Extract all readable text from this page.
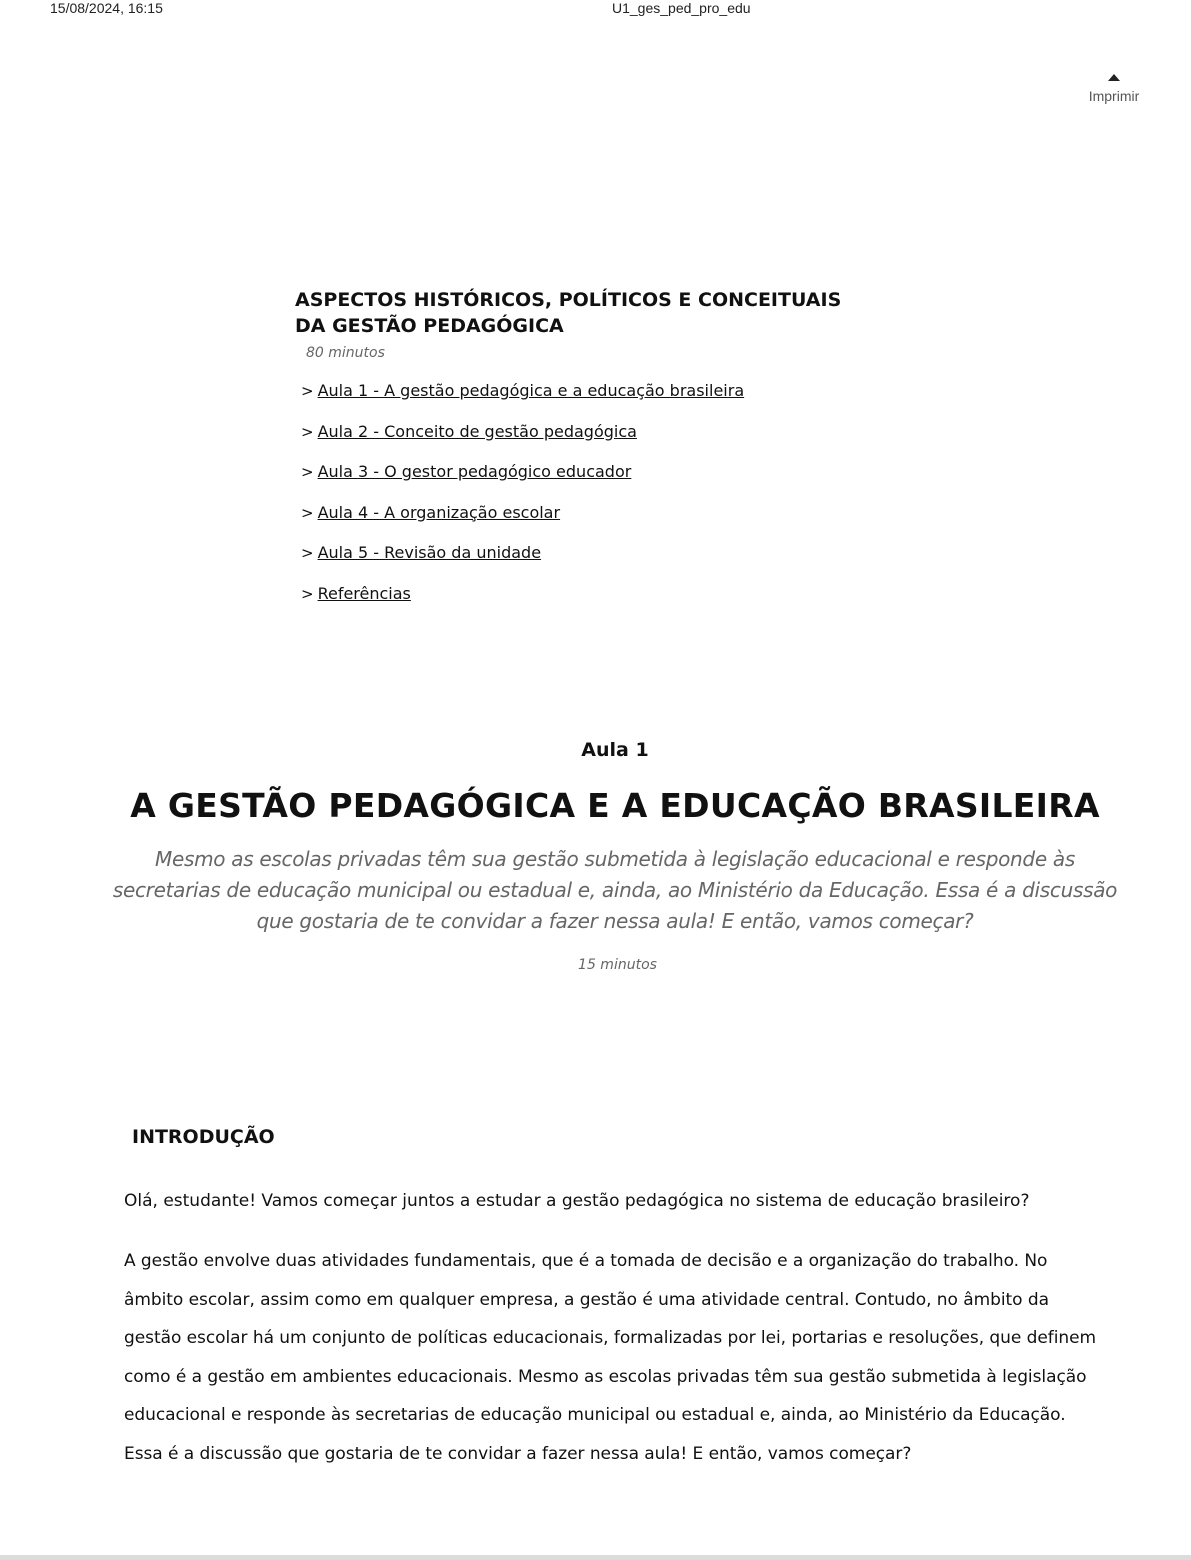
15/08/2024, 16:15	U1_ges_ped_pro_edu
Imprimir
ASPECTOS HISTÓRICOS, POLÍTICOS E CONCEITUAIS DA GESTÃO PEDAGÓGICA
80 minutos
> Aula 1 - A gestão pedagógica e a educação brasileira
> Aula 2 - Conceito de gestão pedagógica
> Aula 3 - O gestor pedagógico educador
> Aula 4 - A organização escolar
> Aula 5 - Revisão da unidade
> Referências
Aula 1
A GESTÃO PEDAGÓGICA E A EDUCAÇÃO BRASILEIRA

Mesmo as escolas privadas têm sua gestão submetida à legislação educacional e responde às secretarias de educação municipal ou estadual e, ainda, ao Ministério da Educação. Essa é a discussão que gostaria de te convidar a fazer nessa aula! E então, vamos começar?

15 minutos
INTRODUÇÃO

Olá, estudante! Vamos começar juntos a estudar a gestão pedagógica no sistema de educação brasileiro?

A gestão envolve duas atividades fundamentais, que é a tomada de decisão e a organização do trabalho. No âmbito escolar, assim como em qualquer empresa, a gestão é uma atividade central. Contudo, no âmbito da gestão escolar há um conjunto de políticas educacionais, formalizadas por lei, portarias e resoluções, que definem como é a gestão em ambientes educacionais. Mesmo as escolas privadas têm sua gestão submetida à legislação educacional e responde às secretarias de educação municipal ou estadual e, ainda, ao Ministério da Educação. Essa é a discussão que gostaria de te convidar a fazer nessa aula! E então, vamos começar?
